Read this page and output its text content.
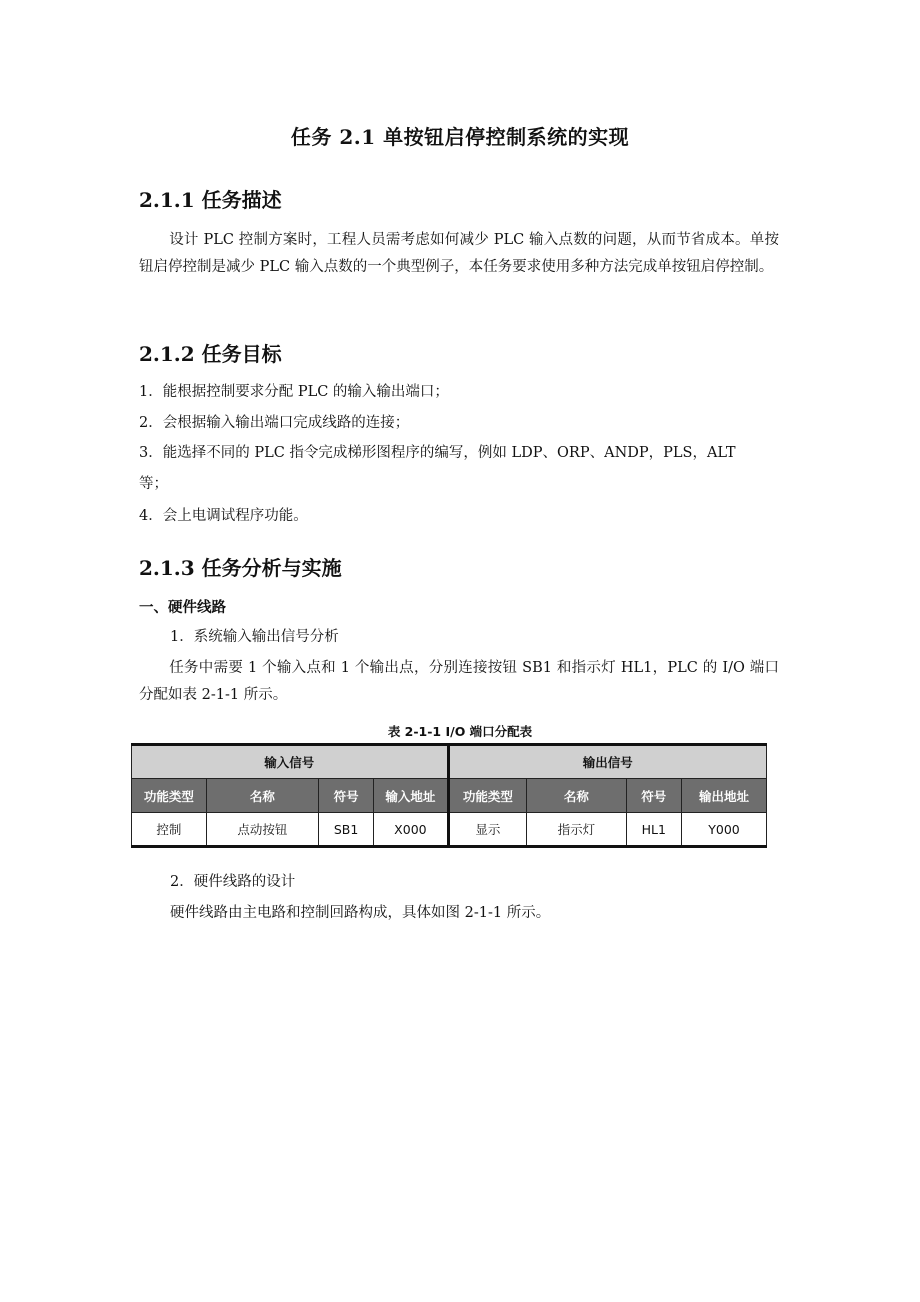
任务 2.1 单按钮启停控制系统的实现
2.1.1 任务描述
设计 PLC 控制方案时，工程人员需考虑如何减少 PLC 输入点数的问题，从而节省成本。单按钮启停控制是减少 PLC 输入点数的一个典型例子，本任务要求使用多种方法完成单按钮启停控制。
2.1.2 任务目标
1．能根据控制要求分配 PLC 的输入输出端口；
2．会根据输入输出端口完成线路的连接；
3．能选择不同的 PLC 指令完成梯形图程序的编写，例如 LDP、ORP、ANDP，PLS，ALT
等；
4．会上电调试程序功能。
2.1.3 任务分析与实施
一、硬件线路
1．系统输入输出信号分析
任务中需要 1 个输入点和 1 个输出点，分别连接按钮 SB1 和指示灯 HL1，PLC 的 I/O 端口分配如表 2-1-1 所示。
表 2-1-1 I/O 端口分配表
输入信号				输出信号			
功能类型	名称	符号	输入地址	功能类型	名称	符号	输出地址
控制	点动按钮	SB1	X000	显示	指示灯	HL1	Y000
2．硬件线路的设计
硬件线路由主电路和控制回路构成，具体如图 2-1-1 所示。
